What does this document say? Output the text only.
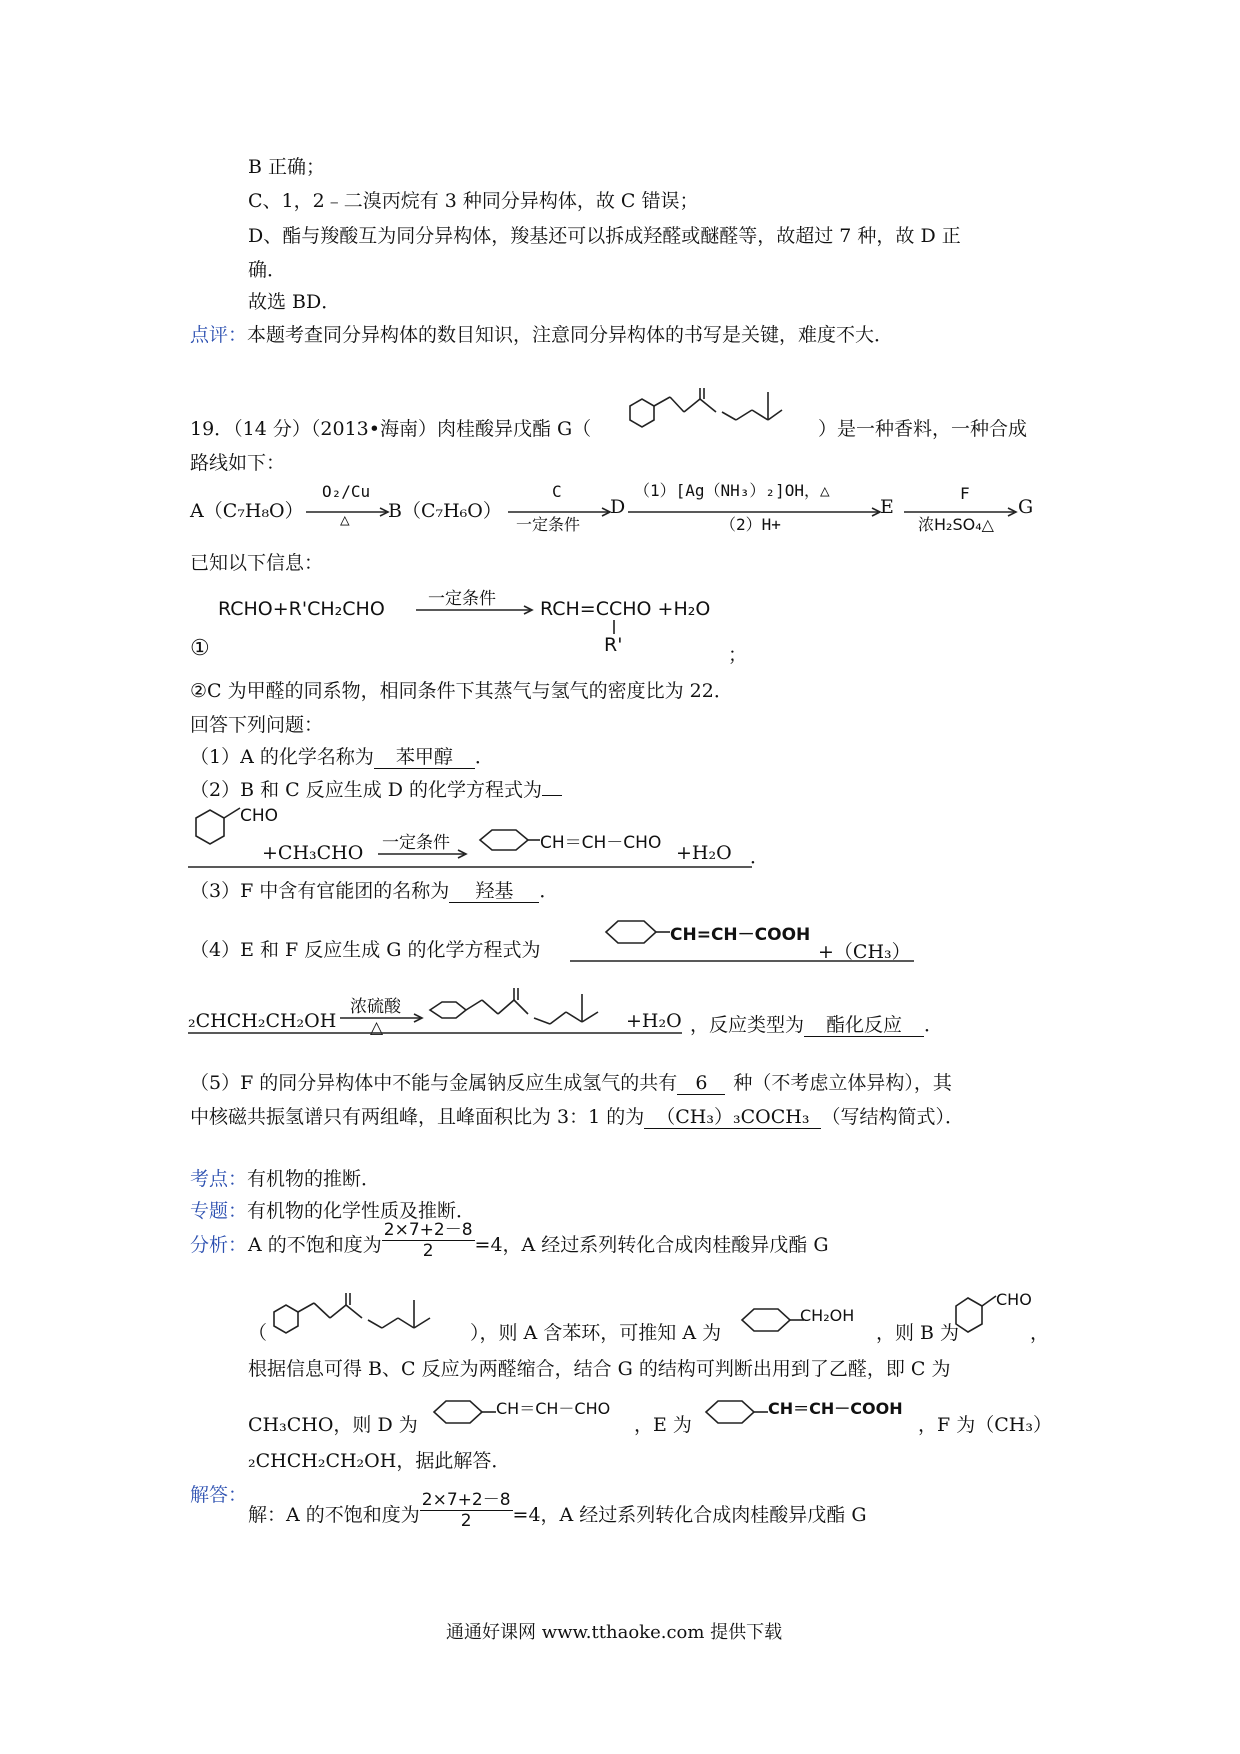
B 正确；
C、1，2﹣二溴丙烷有 3 种同分异构体，故 C 错误；
D、酯与羧酸互为同分异构体，羧基还可以拆成羟醛或醚醛等，故超过 7 种，故 D 正
确．
故选 BD．
点评：本题考查同分异构体的数目知识，注意同分异构体的书写是关键，难度不大．
19．（14 分）（2013•海南）肉桂酸异戊酯 G（	）是一种香料，一种合成
路线如下：
A（C₇H₈O）
O₂/Cu
△ B（C₇H₆O）
C
一定条件
D
（1）[Ag（NH₃）₂]OH，△
（2）H+
E
F
浓H₂SO₄△
G
已知以下信息：
RCHO+R'CH₂CHO	一定条件 RCH=CCHO +H₂O
R'
①	；
②C 为甲醛的同系物，相同条件下其蒸气与氢气的密度比为 22．
回答下列问题：
（1）A 的化学名称为 苯甲醇 ．
（2）B 和 C 反应生成 D 的化学方程式为
CHO
+CH₃CHO 一定条件	CH＝CH－CHO +H₂O ．
（3）F 中含有官能团的名称为 羟基 ．
（4）E 和 F 反应生成 G 的化学方程式为
CH=CH－COOH
+（CH₃）
₂CHCH₂CH₂OH
浓硫酸
△	+H₂O ，反应类型为 酯化反应 ．
（5）F 的同分异构体中不能与金属钠反应生成氢气的共有 6 种（不考虑立体异构），其
中核磁共振氢谱只有两组峰，且峰面积比为 3：1 的为 （CH₃）₃COCH₃ （写结构简式）．
考点：有机物的推断．
专题：有机物的化学性质及推断．
分析： A 的不饱和度为 $\frac{2\times 7+2-8}{2} =4$，A 经过系列转化合成肉桂酸异戊酯 G
（	），则 A 含苯环，可推知 A 为
CH₂OH
，则 B 为
CHO
，
根据信息可得 B、C 反应为两醛缩合，结合 G 的结构可判断出用到了乙醛，即 C 为
CH₃CHO，则 D 为
CH＝CH－CHO
，E 为
CH＝CH－COOH
，F 为（CH₃）
₂CHCH₂CH₂OH，据此解答．
解答：
解：A 的不饱和度为 $\frac{2\times 7+2-8}{2} =4$，A 经过系列转化合成肉桂酸异戊酯 G
通通好课网 www.tthaoke.com 提供下载
